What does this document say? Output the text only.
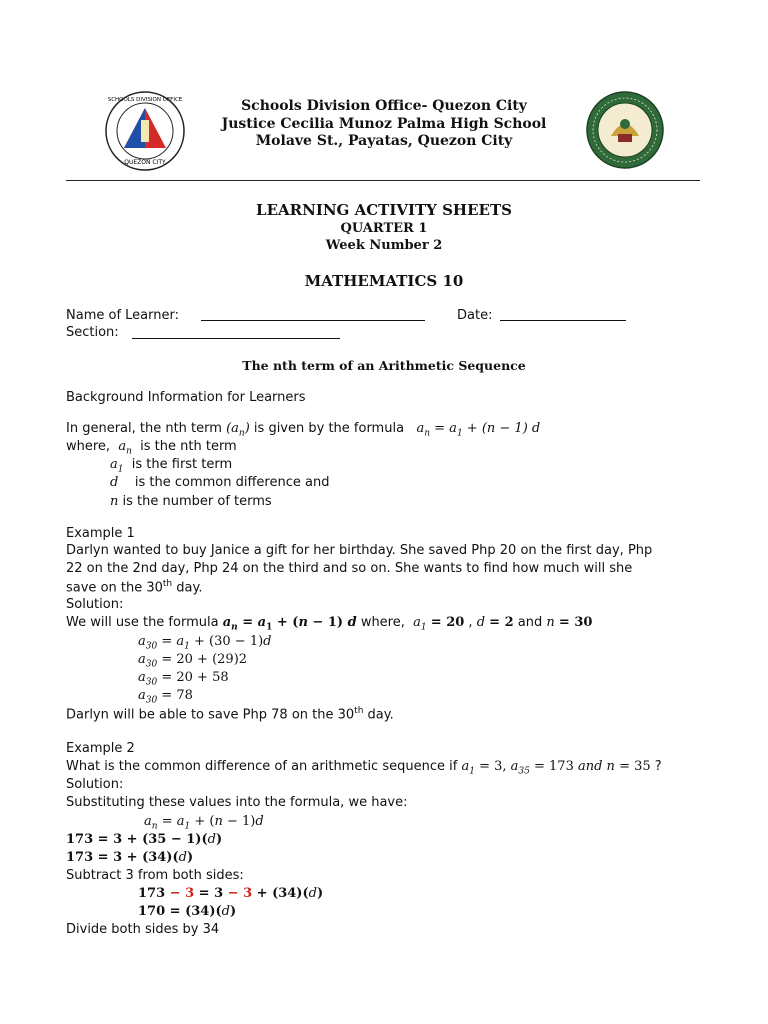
QUEZON CITY
SCHOOLS DIVISION OFFICE	Schools Division Office- Quezon City
Justice Cecilia Munoz Palma High School
Molave St., Payatas, Quezon City
LEARNING ACTIVITY SHEETS
QUARTER 1
Week Number 2
MATHEMATICS 10
Name of Learner:	Date:
Section:
The nth term of an Arithmetic Sequence
Background Information for Learners
In general, the nth term $(a_n)$ is given by the formula $a_n = a_1 + (n - 1)$ d
where, $a_n$ is the nth term
$a_1$ is the first term
d is the common difference and
n is the number of terms
Example 1
Darlyn wanted to buy Janice a gift for her birthday. She saved Php 20 on the first day, Php
22 on the 2nd day, Php 24 on the third and so on. She wants to find how much will she
save on the 30th day.
Solution:
We will use the formula $a_n = a_1 + (n - 1)$ d where, $a_1 = 20$ , d = 2 and n = 30
$a_{30} = a_1 + (30 - 1)d$
$a_{30} = 20 + (29)2$
$a_{30} = 20 + 58$
$a_{30} = 78$
Darlyn will be able to save Php 78 on the 30th day.
Example 2
What is the common difference of an arithmetic sequence if $a_1 = 3$, $a_{35} = 173$ and n = 35 ?
Solution:
Substituting these values into the formula, we have:
$a_n = a_1 + (n - 1)d$
173 = 3 + (35 − 1)(d)
173 = 3 + (34)(d)
Subtract 3 from both sides:
173 − 3 = 3 − 3 + (34)(d)
170 = (34)(d)
Divide both sides by 34
